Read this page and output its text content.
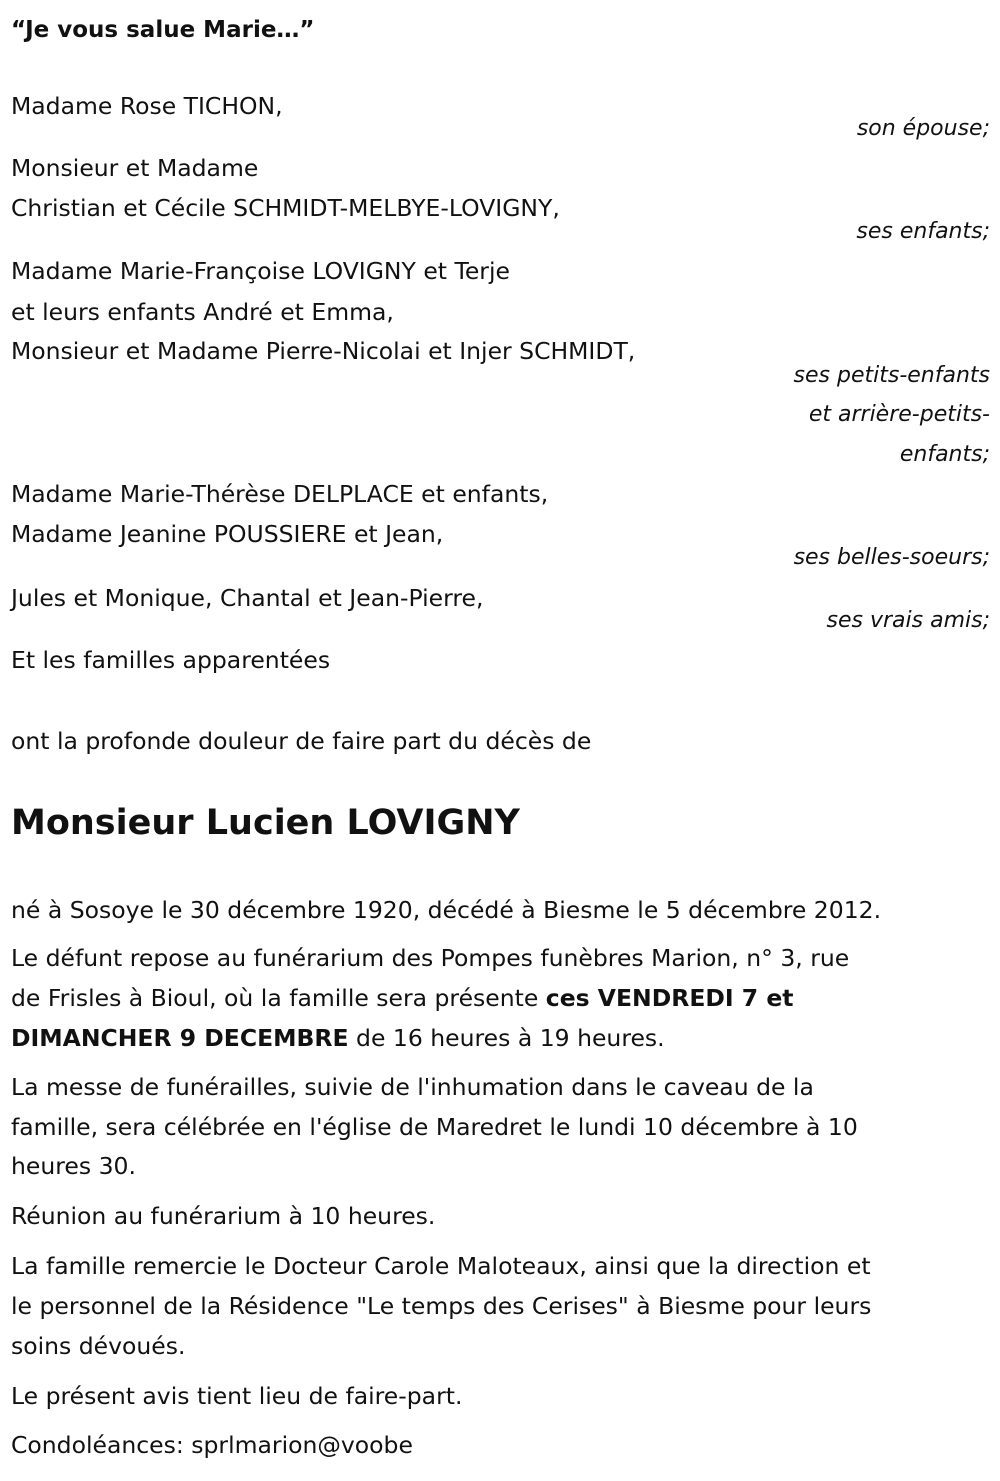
“Je vous salue Marie…”
Madame Rose TICHON,
son épouse;
Monsieur et Madame
Christian et Cécile SCHMIDT-MELBYE-LOVIGNY,
ses enfants;
Madame Marie-Françoise LOVIGNY et Terje
et leurs enfants André et Emma,
Monsieur et Madame Pierre-Nicolai et Injer SCHMIDT,
ses petits-enfants
et arrière-petits-
enfants;
Madame Marie-Thérèse DELPLACE et enfants,
Madame Jeanine POUSSIERE et Jean,
ses belles-soeurs;
Jules et Monique, Chantal et Jean-Pierre,
ses vrais amis;
Et les familles apparentées
ont la profonde douleur de faire part du décès de
Monsieur Lucien LOVIGNY
né à Sosoye le 30 décembre 1920, décédé à Biesme le 5 décembre 2012.
Le défunt repose au funérarium des Pompes funèbres Marion, n° 3, rue
de Frisles à Bioul, où la famille sera présente ces VENDREDI 7 et
DIMANCHER 9 DECEMBRE de 16 heures à 19 heures.
La messe de funérailles, suivie de l'inhumation dans le caveau de la
famille, sera célébrée en l'église de Maredret le lundi 10 décembre à 10
heures 30.
Réunion au funérarium à 10 heures.
La famille remercie le Docteur Carole Maloteaux, ainsi que la direction et
le personnel de la Résidence "Le temps des Cerises" à Biesme pour leurs
soins dévoués.
Le présent avis tient lieu de faire-part.
Condoléances: sprlmarion@voobe
